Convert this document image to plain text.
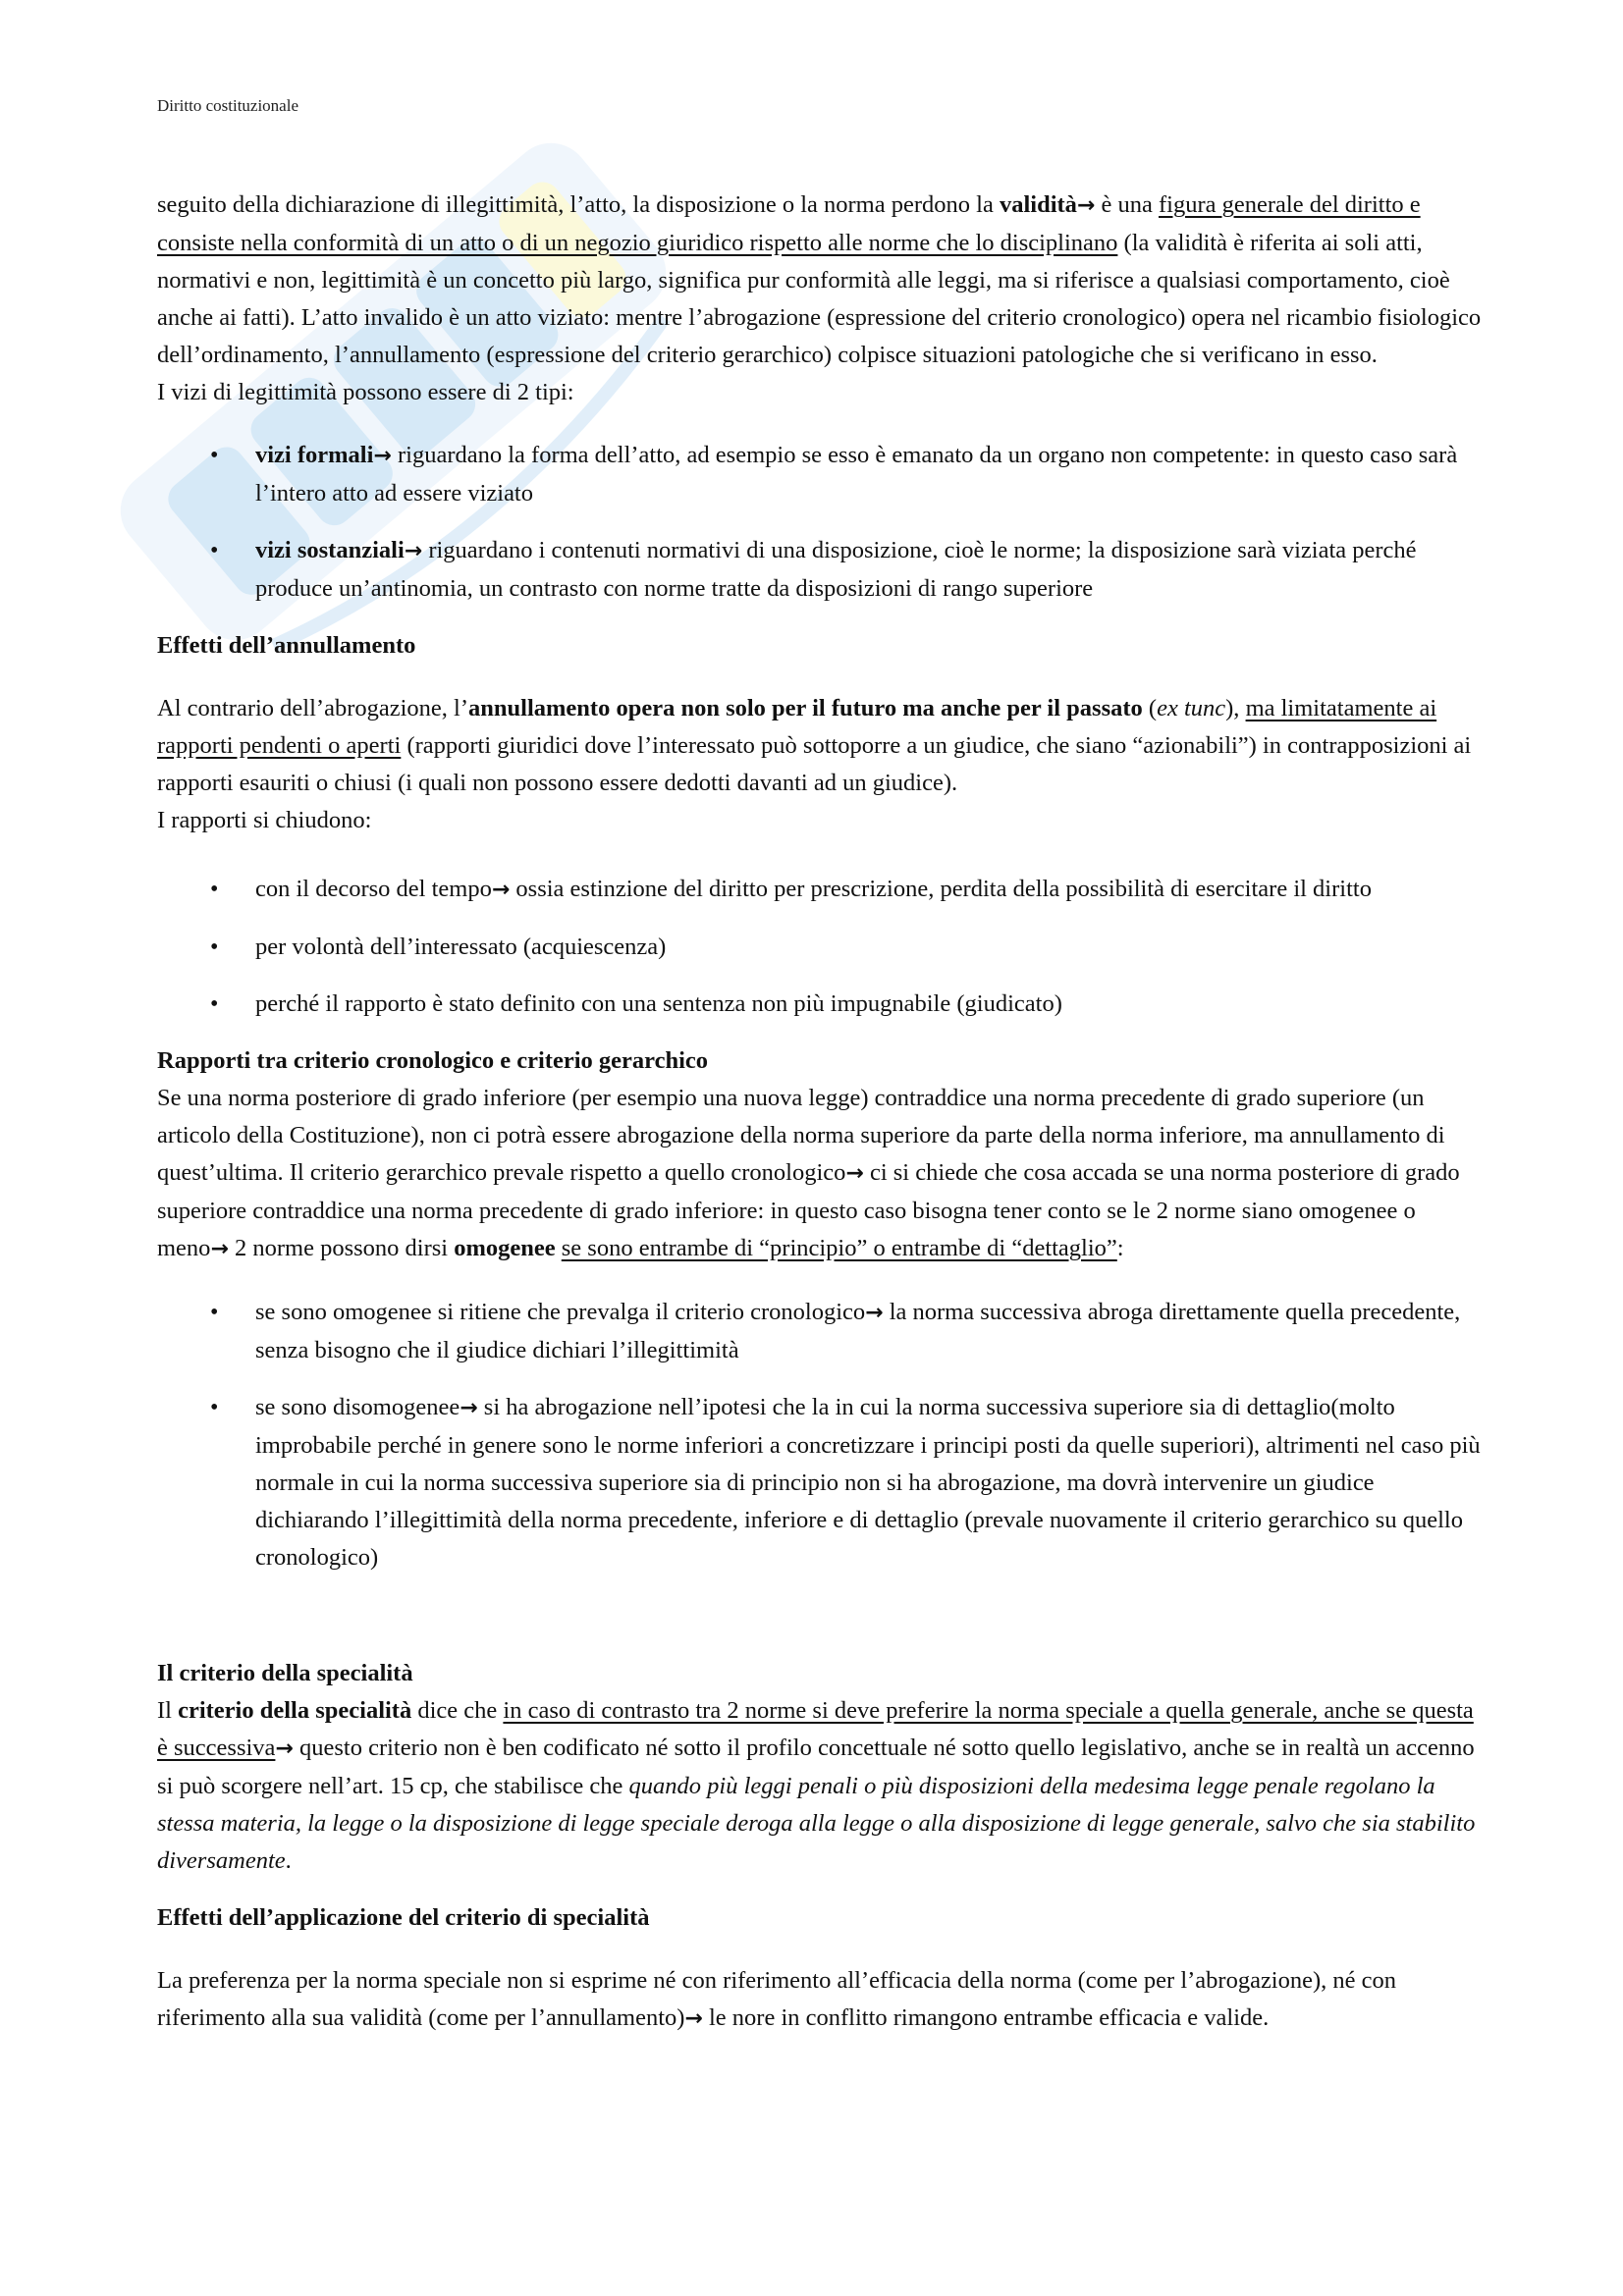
Diritto costituzionale

seguito della dichiarazione di illegittimità, l’atto, la disposizione o la norma perdono la validità→ è una figura generale del diritto e consiste nella conformità di un atto o di un negozio giuridico rispetto alle norme che lo disciplinano (la validità è riferita ai soli atti, normativi e non, legittimità è un concetto più largo, significa pur conformità alle leggi, ma si riferisce a qualsiasi comportamento, cioè anche ai fatti). L’atto invalido è un atto viziato: mentre l’abrogazione (espressione del criterio cronologico) opera nel ricambio fisiologico dell’ordinamento, l’annullamento (espressione del criterio gerarchico) colpisce situazioni patologiche che si verificano in esso.

I vizi di legittimità possono essere di 2 tipi:

• vizi formali→ riguardano la forma dell’atto, ad esempio se esso è emanato da un organo non competente: in questo caso sarà l’intero atto ad essere viziato
• vizi sostanziali→ riguardano i contenuti normativi di una disposizione, cioè le norme; la disposizione sarà viziata perché produce un’antinomia, un contrasto con norme tratte da disposizioni di rango superiore

Effetti dell’annullamento

Al contrario dell’abrogazione, l’annullamento opera non solo per il futuro ma anche per il passato (ex tunc), ma limitatamente ai rapporti pendenti o aperti (rapporti giuridici dove l’interessato può sottoporre a un giudice, che siano “azionabili”) in contrapposizioni ai rapporti esauriti o chiusi (i quali non possono essere dedotti davanti ad un giudice).

I rapporti si chiudono:

• con il decorso del tempo→ ossia estinzione del diritto per prescrizione, perdita della possibilità di esercitare il diritto
• per volontà dell’interessato (acquiescenza)
• perché il rapporto è stato definito con una sentenza non più impugnabile (giudicato)

Rapporti tra criterio cronologico e criterio gerarchico

Se una norma posteriore di grado inferiore (per esempio una nuova legge) contraddice una norma precedente di grado superiore (un articolo della Costituzione), non ci potrà essere abrogazione della norma superiore da parte della norma inferiore, ma annullamento di quest’ultima. Il criterio gerarchico prevale rispetto a quello cronologico→ ci si chiede che cosa accada se una norma posteriore di grado superiore contraddice una norma precedente di grado inferiore: in questo caso bisogna tener conto se le 2 norme siano omogenee o meno→ 2 norme possono dirsi omogenee se sono entrambe di “principio” o entrambe di “dettaglio”:

• se sono omogenee si ritiene che prevalga il criterio cronologico→ la norma successiva abroga direttamente quella precedente, senza bisogno che il giudice dichiari l’illegittimità
• se sono disomogenee→ si ha abrogazione nell’ipotesi che la in cui la norma successiva superiore sia di dettaglio(molto improbabile perché in genere sono le norme inferiori a concretizzare i principi posti da quelle superiori), altrimenti nel caso più normale in cui la norma successiva superiore sia di principio non si ha abrogazione, ma dovrà intervenire un giudice dichiarando l’illegittimità della norma precedente, inferiore e di dettaglio (prevale nuovamente il criterio gerarchico su quello cronologico)

Il criterio della specialità

Il criterio della specialità dice che in caso di contrasto tra 2 norme si deve preferire la norma speciale a quella generale, anche se questa è successiva→ questo criterio non è ben codificato né sotto il profilo concettuale né sotto quello legislativo, anche se in realtà un accenno si può scorgere nell’art. 15 cp, che stabilisce che quando più leggi penali o più disposizioni della medesima legge penale regolano la stessa materia, la legge o la disposizione di legge speciale deroga alla legge o alla disposizione di legge generale, salvo che sia stabilito diversamente.

Effetti dell’applicazione del criterio di specialità

La preferenza per la norma speciale non si esprime né con riferimento all’efficacia della norma (come per l’abrogazione), né con riferimento alla sua validità (come per l’annullamento)→ le nore in conflitto rimangono entrambe efficacia e valide.
